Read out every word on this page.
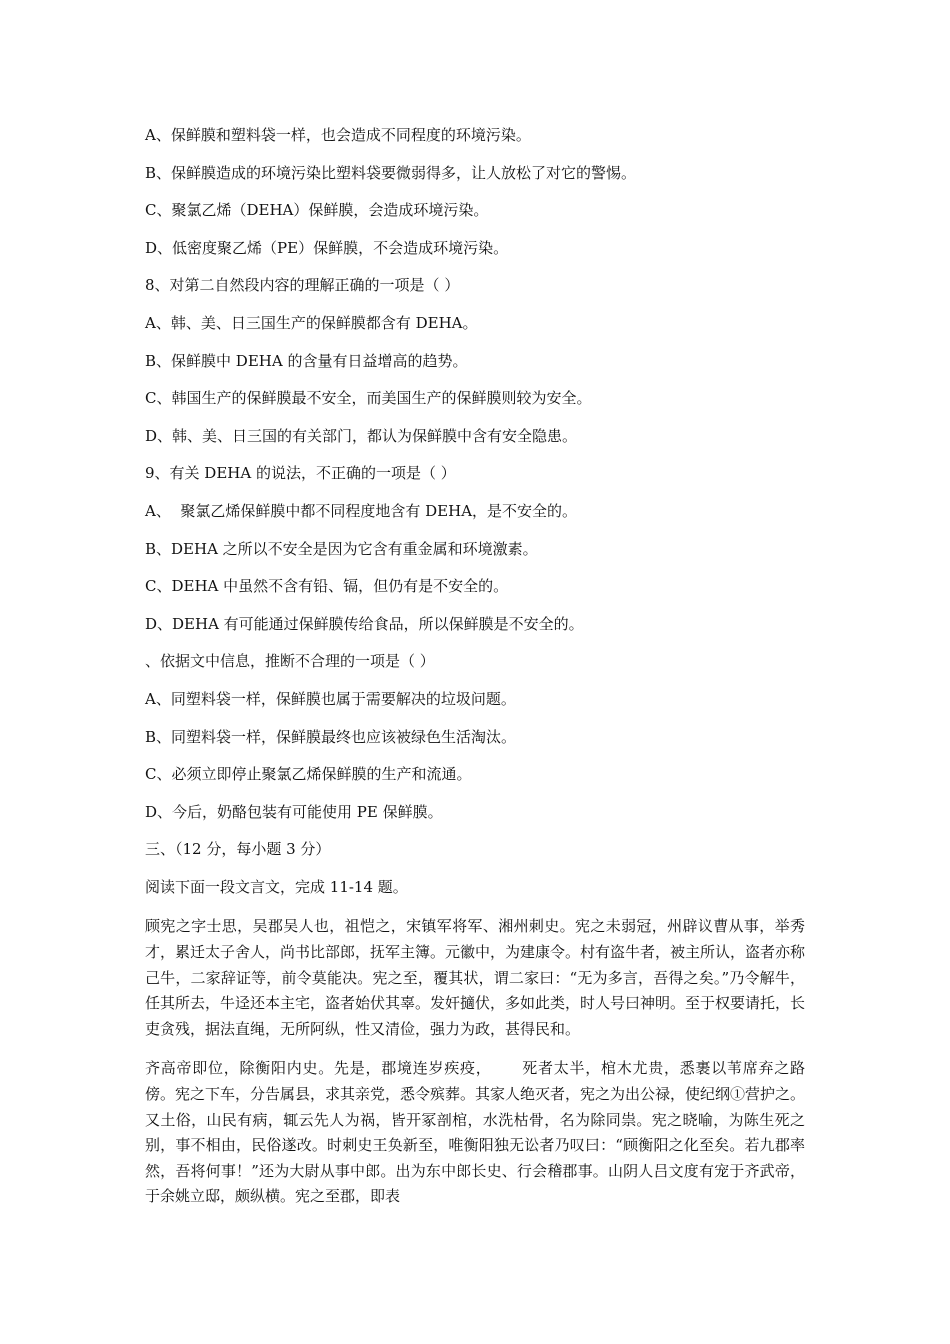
A、保鲜膜和塑料袋一样，也会造成不同程度的环境污染。
B、保鲜膜造成的环境污染比塑料袋要微弱得多，让人放松了对它的警惕。
C、聚氯乙烯（DEHA）保鲜膜，会造成环境污染。
D、低密度聚乙烯（PE）保鲜膜，不会造成环境污染。
8、对第二自然段内容的理解正确的一项是（ ）
A、韩、美、日三国生产的保鲜膜都含有 DEHA。
B、保鲜膜中 DEHA 的含量有日益增高的趋势。
C、韩国生产的保鲜膜最不安全，而美国生产的保鲜膜则较为安全。
D、韩、美、日三国的有关部门，都认为保鲜膜中含有安全隐患。
9、有关 DEHA 的说法，不正确的一项是（ ）
A、  聚氯乙烯保鲜膜中都不同程度地含有 DEHA，是不安全的。
B、DEHA 之所以不安全是因为它含有重金属和环境激素。
C、DEHA 中虽然不含有铅、镉，但仍有是不安全的。
D、DEHA 有可能通过保鲜膜传给食品，所以保鲜膜是不安全的。
、依据文中信息，推断不合理的一项是（ ）
A、同塑料袋一样，保鲜膜也属于需要解决的垃圾问题。
B、同塑料袋一样，保鲜膜最终也应该被绿色生活淘汰。
C、必须立即停止聚氯乙烯保鲜膜的生产和流通。
D、今后，奶酪包装有可能使用 PE 保鲜膜。
三、（12 分，每小题 3 分）
阅读下面一段文言文，完成 11-14 题。
顾宪之字士思，吴郡吴人也，祖恺之，宋镇军将军、湘州刺史。宪之未弱冠，州辟议曹从事，举秀才，累迁太子舍人，尚书比部郎，抚军主簿。元徽中，为建康令。村有盗牛者，被主所认，盗者亦称己牛，二家辞证等，前令莫能决。宪之至，覆其状，谓二家曰：“无为多言，吾得之矣。”乃令解牛，任其所去，牛迳还本主宅，盗者始伏其辜。发奸擿伏，多如此类，时人号曰神明。至于权要请托，长吏贪残，据法直绳，无所阿纵，性又清俭，强力为政，甚得民和。
齐高帝即位，除衡阳内史。先是，郡境连岁疾疫， 死者太半，棺木尤贵，悉裹以苇席弃之路傍。宪之下车，分告属县，求其亲党，悉令殡葬。其家人绝灭者，宪之为出公禄，使纪纲①营护之。又土俗，山民有病，辄云先人为祸，皆开冢剖棺，水洗枯骨，名为除同祟。宪之晓喻，为陈生死之别，事不相由，民俗遂改。时刺史王奂新至，唯衡阳独无讼者乃叹曰：“顾衡阳之化至矣。若九郡率然，吾将何事！”还为大尉从事中郎。出为东中郎长史、行会稽郡事。山阴人吕文度有宠于齐武帝，于余姚立邸，颇纵横。宪之至郡，即表
